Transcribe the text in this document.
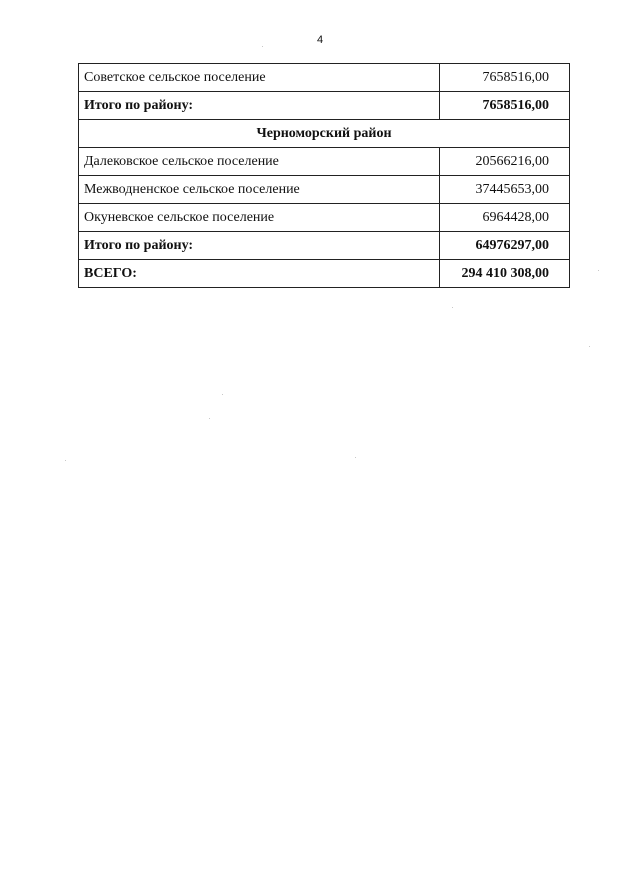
4
Советское сельское поселение	7658516,00
Итого по району:	7658516,00
Черноморский район	
Далековское сельское поселение	20566216,00
Межводненское сельское поселение	37445653,00
Окуневское сельское поселение	6964428,00
Итого по району:	64976297,00
ВСЕГО:	294 410 308,00
